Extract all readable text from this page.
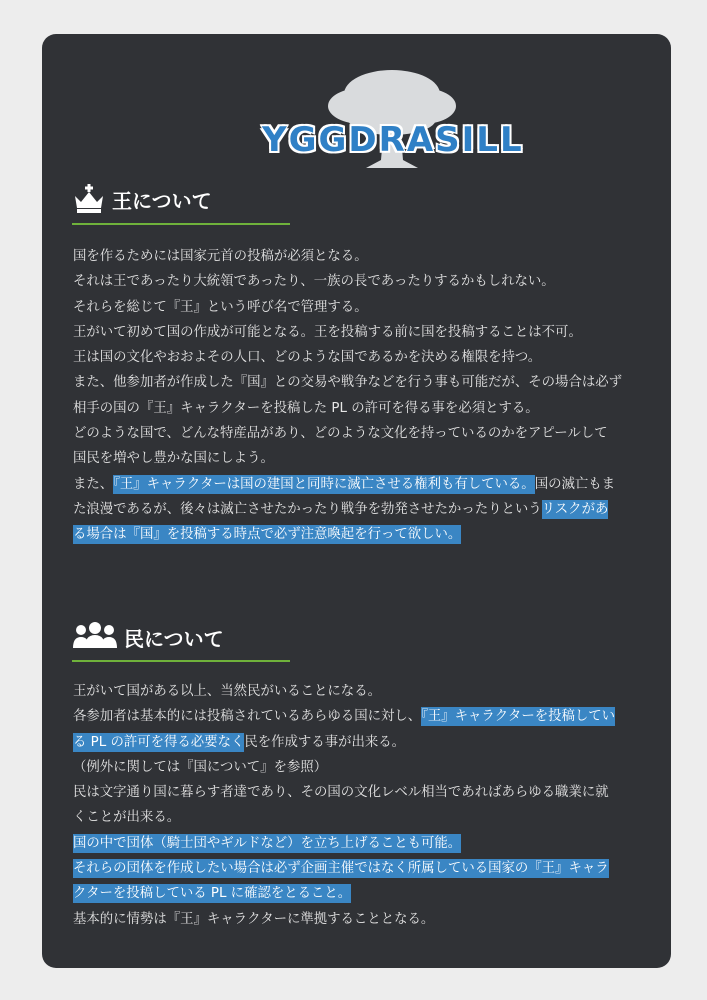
YGGDRASILL
王について

国を作るためには国家元首の投稿が必須となる。

それは王であったり大統領であったり、一族の長であったりするかもしれない。

それらを総じて『王』という呼び名で管理する。

王がいて初めて国の作成が可能となる。王を投稿する前に国を投稿することは不可。

王は国の文化やおおよその人口、どのような国であるかを決める権限を持つ。

また、他参加者が作成した『国』との交易や戦争などを行う事も可能だが、その場合は必ず

相手の国の『王』キャラクターを投稿した PL の許可を得る事を必須とする。

どのような国で、どんな特産品があり、どのような文化を持っているのかをアピールして

国民を増やし豊かな国にしよう。

また、『王』キャラクターは国の建国と同時に滅亡させる権利も有している。国の滅亡もま

た浪漫であるが、後々は滅亡させたかったり戦争を勃発させたかったりというリスクがあ

る場合は『国』を投稿する時点で必ず注意喚起を行って欲しい。

民について

王がいて国がある以上、当然民がいることになる。

各参加者は基本的には投稿されているあらゆる国に対し、『王』キャラクターを投稿してい

る PL の許可を得る必要なく民を作成する事が出来る。

（例外に関しては『国について』を参照）

民は文字通り国に暮らす者達であり、その国の文化レベル相当であればあらゆる職業に就

くことが出来る。

国の中で団体（騎士団やギルドなど）を立ち上げることも可能。

それらの団体を作成したい場合は必ず企画主催ではなく所属している国家の『王』キャラ

クターを投稿している PL に確認をとること。

基本的に情勢は『王』キャラクターに準拠することとなる。
